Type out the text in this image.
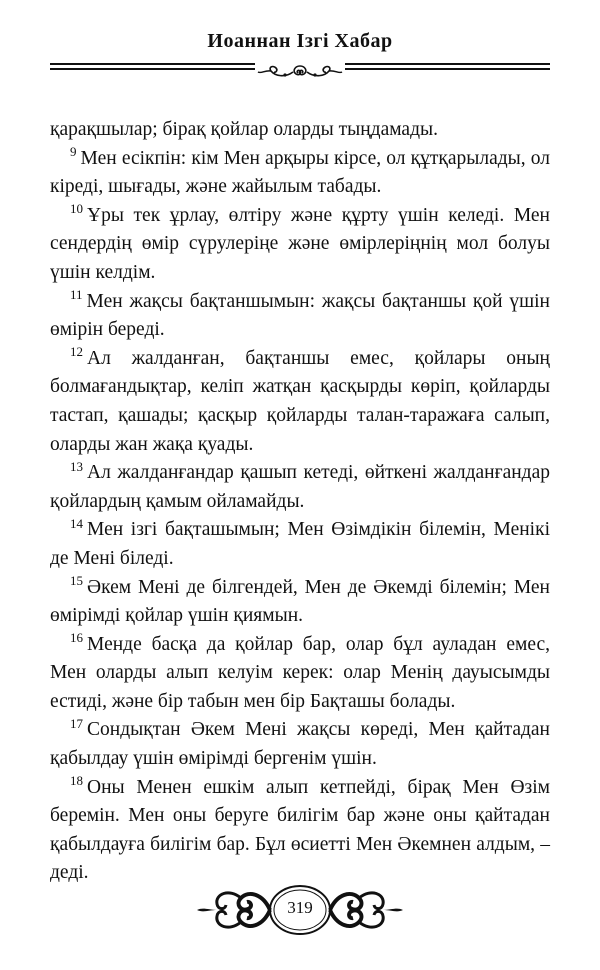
Иоаннан Ізгі Хабар

қарақшылар; бірақ қойлар оларды тыңдамады.

$^9$ Мен есікпін: кім Мен арқыры кірсе, ол құтқарылады, ол кіреді, шығады, және жайылым табады.

$^{10}$ Ұры тек ұрлау, өлтіру және құрту үшін келеді. Мен сендердің өмір сүрулеріңе және өмірлеріңнің мол болуы үшін келдім.

$^{11}$ Мен жақсы бақтаншымын: жақсы бақтаншы қой үшін өмірін береді.

$^{12}$ Ал жалданған, бақтаншы емес, қойлары оның болмағандықтар, келіп жатқан қасқырды көріп, қойларды тастап, қашады; қасқыр қойларды талан-таражаға салып, оларды жан жақа қуады.

$^{13}$ Ал жалданғандар қашып кетеді, өйткені жалданғандар қойлардың қамым ойламайды.

$^{14}$ Мен ізгі бақташымын; Мен Өзімдікін білемін, Менікі де Мені біледі.

$^{15}$ Әкем Мені де білгендей, Мен де Әкемді білемін; Мен өмірімді қойлар үшін қиямын.

$^{16}$ Менде басқа да қойлар бар, олар бұл ауладан емес, Мен оларды алып келуім керек: олар Менің дауысымды естиді, және бір табын мен бір Бақташы болады.

$^{17}$ Сондықтан Әкем Мені жақсы көреді, Мен қайтадан қабылдау үшін өмірімді бергенім үшін.

$^{18}$ Оны Менен ешкім алып кетпейді, бірақ Мен Өзім беремін. Мен оны беруге билігім бар және оны қайтадан қабылдауға билігім бар. Бұл өсиетті Мен Әкемнен алдым, – деді.

319
